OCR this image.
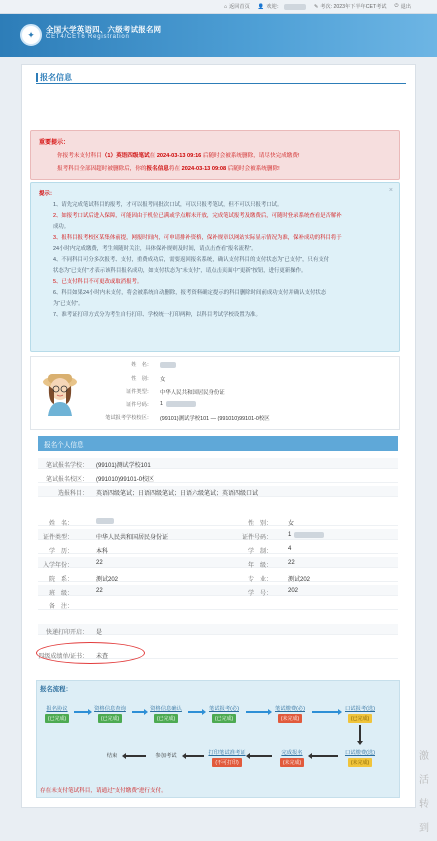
⌂ 返回首页 👤 欢迎：	✎ 考次: 2023年下半年CET考试 ⏻ 退出
✦	全国大学英语四、六级考试报名网
CET4/CET6 Registration
报名信息
重要提示：
你报考未支付科目（1）英语四级笔试在 2024-03-13 09:16 后随时会被系统删除，请尽快完成缴费!
报考科目全部因超时被删除后，你的报名信息将在 2024-03-13 09:08 后随时会被系统删除!
×
提示：

1、请先完成笔试科目的报考，才可以报考同批次口试，可以只报考笔试，但不可以只报考口试。

2、如报考口试后进入保障，可能因由于机位已满或学点解未开放，完成笔试报考及缴费后，可随时登录系统查看是否解补

成功。

3、报科目报考校区某集体前提，网报时间内，可申请排补资格，保补规章以网站实际显示情况为准，保补成功的科目将于

24小时内完成缴费，考生须随时关注，具体保补规则及时间，请点击查看“报名流程”。

4、不同科目可分多次报考、支付，重费成功后，需要返回报名系统，确认支付科目的支付状态为“已支付”，只有支付

状态为“已支付”才表示该科目报名成功，如支付状态为“未支付”，请点击页面中“更新”按钮，进行更新操作。

5、已支付科目不可更改或取消报考。

6、科目如果24小时内未支付，将会被系统自动删除，报考资料确定提示的科目删除时间前成功支付并确认支付状态

为“已支付”。

7、准考证打印方式分为考生自行打印、学校统一打印两种，以科目考试学校设置为准。

姓　名：
性　别： 女
证件类型： 中华人民共和国居民身份证
证件号码： 1
笔试报考学校校区： (99101)测试学校101 — (991010)99101-0校区
报名个人信息
笔试报名学校： (99101)测试学校101
笔试报名校区： (991010)99101-0校区
选报科目： 英语四级笔试；日语四级笔试；日语六级笔试；英语四级口试
姓　名：	性　别：	女
证件类型：	中华人民共和国居民身份证	证件号码：	1
学　历：	本科	学　制：	4
入学年份：	22	年　级：	22
院　系：	测试202	专　业：	测试202
班　级：	22	学　号：	202
备　注：
快递打印开启： 是
四级成绩单/证书： 未查
报名流程：
报名协议
(已完成)
资格信息查询
(已完成)
资格信息确认
(已完成)
笔试报考(必)
(已完成)
笔试缴费(必)
(未完成)
口试报考(选)
(已完成)
口试缴费(选)
(未完成)
完成报名
(未完成)
打印笔试准考证
(不可打印)
参加考试
结束
存在未支付笔试科目，请通过“支付缴费”进行支付。
激活 转到
